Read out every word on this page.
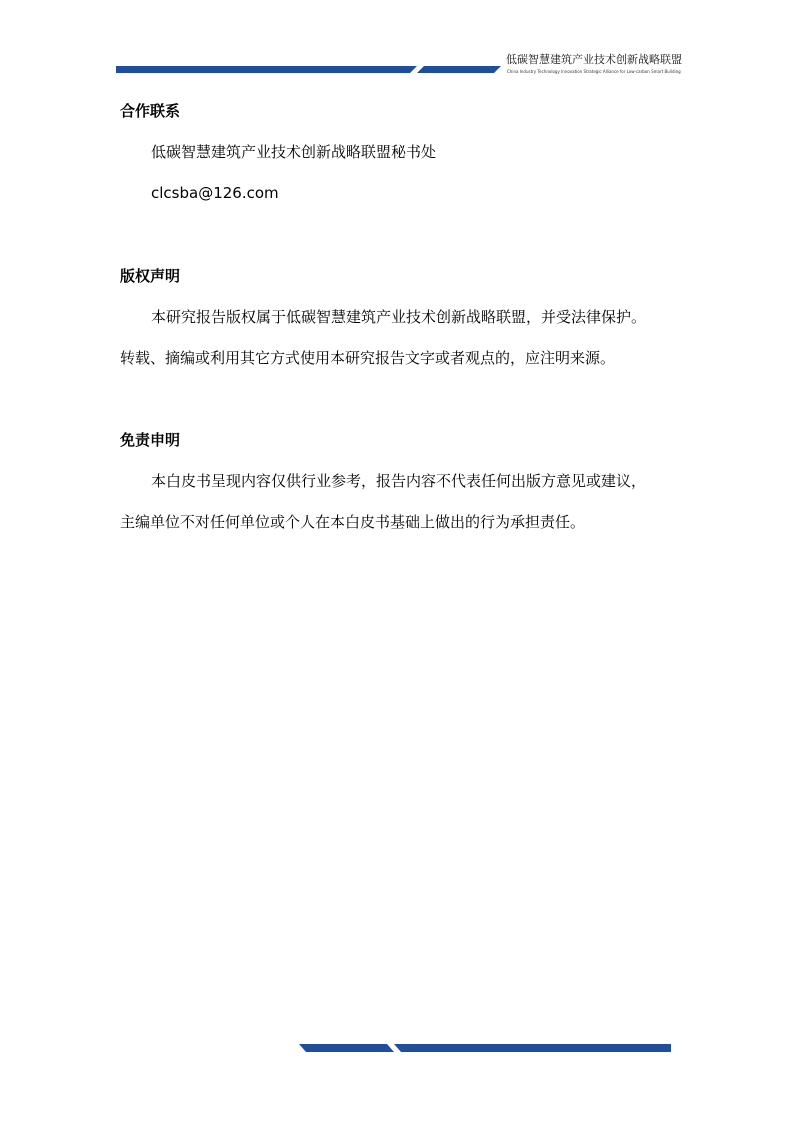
低碳智慧建筑产业技术创新战略联盟
China Industry Technology Innovation Strategic Alliance for Low-carbon Smart Building
合作联系
低碳智慧建筑产业技术创新战略联盟秘书处
clcsba@126.com
版权声明
本研究报告版权属于低碳智慧建筑产业技术创新战略联盟，并受法律保护。
转载、摘编或利用其它方式使用本研究报告文字或者观点的，应注明来源。
免责申明
本白皮书呈现内容仅供行业参考，报告内容不代表任何出版方意见或建议，
主编单位不对任何单位或个人在本白皮书基础上做出的行为承担责任。
